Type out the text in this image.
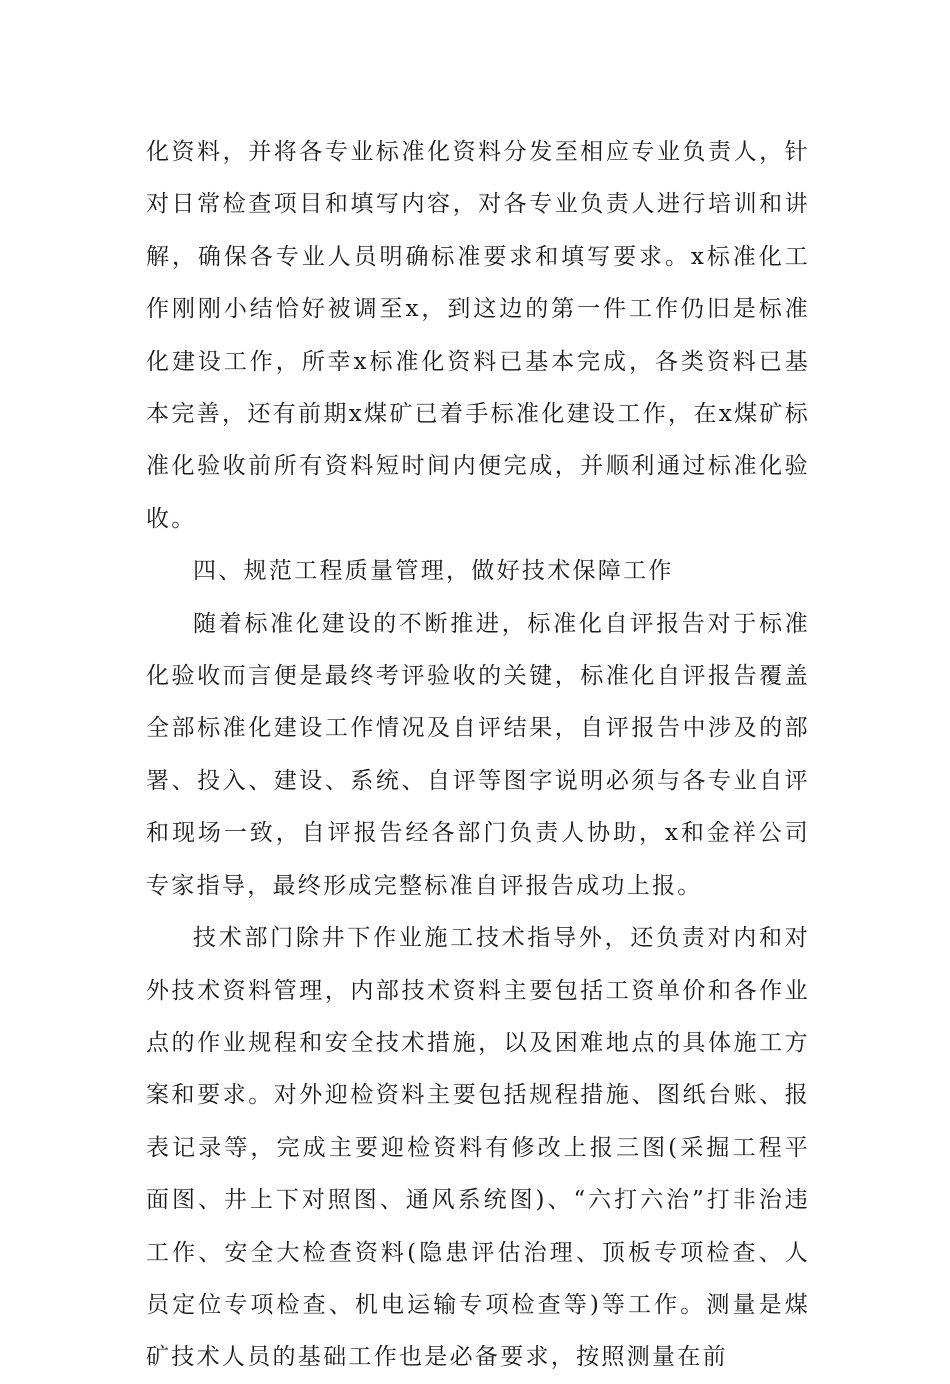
化资料，并将各专业标准化资料分发至相应专业负责人，针对日常检查项目和填写内容，对各专业负责人进行培训和讲解，确保各专业人员明确标准要求和填写要求。x标准化工作刚刚小结恰好被调至x，到这边的第一件工作仍旧是标准化建设工作，所幸x标准化资料已基本完成，各类资料已基本完善，还有前期x煤矿已着手标准化建设工作，在x煤矿标准化验收前所有资料短时间内便完成，并顺利通过标准化验收。

四、规范工程质量管理，做好技术保障工作

随着标准化建设的不断推进，标准化自评报告对于标准化验收而言便是最终考评验收的关键，标准化自评报告覆盖全部标准化建设工作情况及自评结果，自评报告中涉及的部署、投入、建设、系统、自评等图字说明必须与各专业自评和现场一致，自评报告经各部门负责人协助，x和金祥公司专家指导，最终形成完整标准自评报告成功上报。

技术部门除井下作业施工技术指导外，还负责对内和对外技术资料管理，内部技术资料主要包括工资单价和各作业点的作业规程和安全技术措施，以及困难地点的具体施工方案和要求。对外迎检资料主要包括规程措施、图纸台账、报表记录等，完成主要迎检资料有修改上报三图(采掘工程平面图、井上下对照图、通风系统图)、“六打六治”打非治违工作、安全大检查资料(隐患评估治理、顶板专项检查、人员定位专项检查、机电运输专项检查等)等工作。测量是煤矿技术人员的基础工作也是必备要求，按照测量在前
